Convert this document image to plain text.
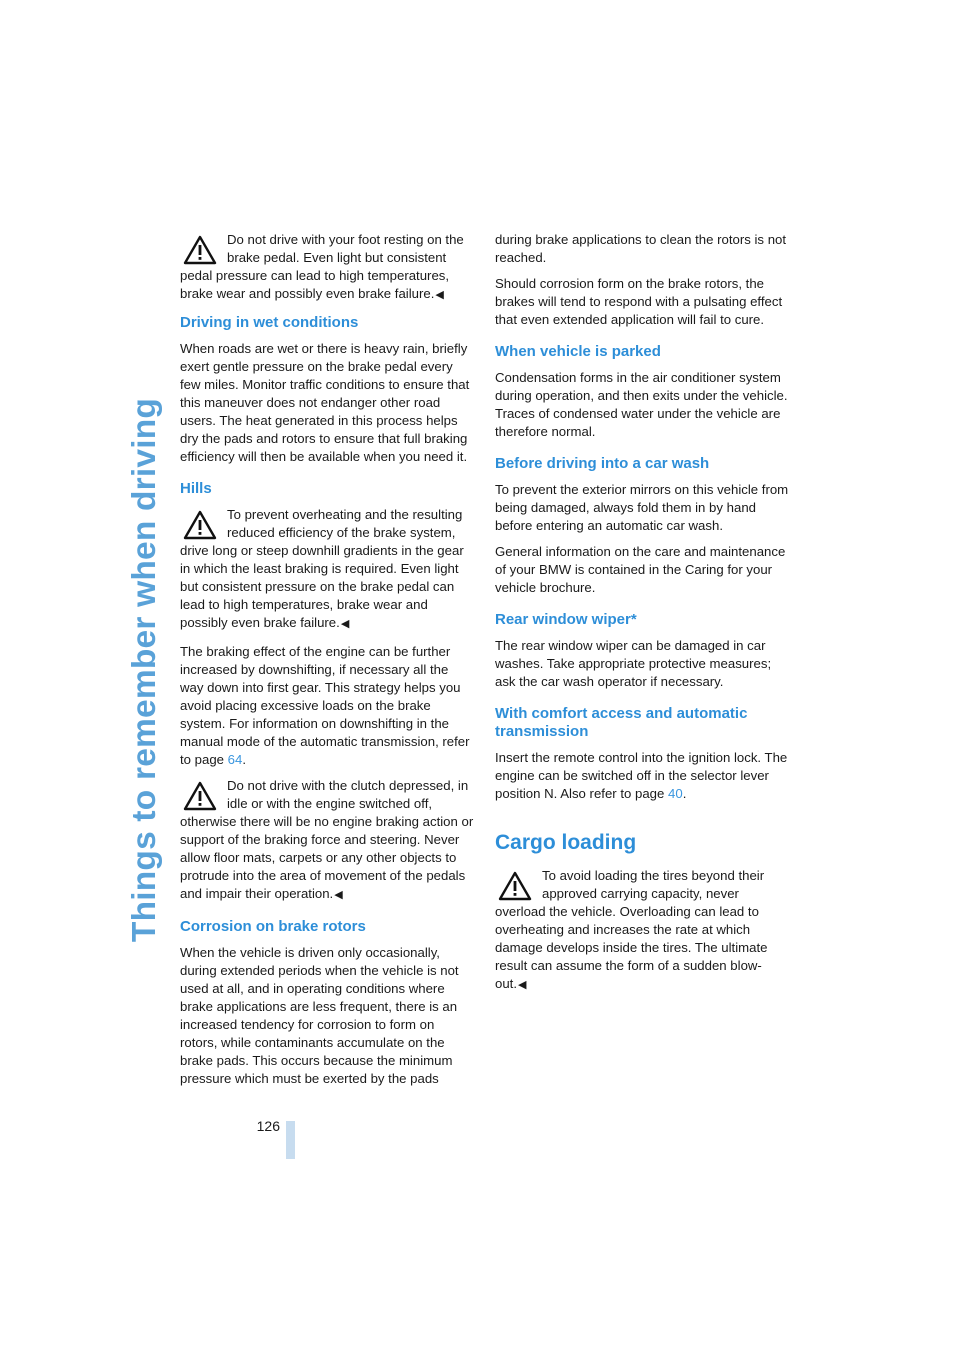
Things to remember when driving

Do not drive with your foot resting on the brake pedal. Even light but consistent pedal pressure can lead to high temperatures, brake wear and possibly even brake failure.◀

Driving in wet conditions

When roads are wet or there is heavy rain, briefly exert gentle pressure on the brake pedal every few miles. Monitor traffic conditions to ensure that this maneuver does not endanger other road users. The heat generated in this process helps dry the pads and rotors to ensure that full braking efficiency will then be available when you need it.

Hills

To prevent overheating and the resulting reduced efficiency of the brake system, drive long or steep downhill gradients in the gear in which the least braking is required. Even light but consistent pressure on the brake pedal can lead to high temperatures, brake wear and possibly even brake failure.◀

The braking effect of the engine can be further increased by downshifting, if necessary all the way down into first gear. This strategy helps you avoid placing excessive loads on the brake system. For information on downshifting in the manual mode of the automatic transmission, refer to page 64.

Do not drive with the clutch depressed, in idle or with the engine switched off, otherwise there will be no engine braking action or support of the braking force and steering. Never allow floor mats, carpets or any other objects to protrude into the area of movement of the pedals and impair their operation.◀

Corrosion on brake rotors

When the vehicle is driven only occasionally, during extended periods when the vehicle is not used at all, and in operating conditions where brake applications are less frequent, there is an increased tendency for corrosion to form on rotors, while contaminants accumulate on the brake pads. This occurs because the minimum pressure which must be exerted by the pads

during brake applications to clean the rotors is not reached.

Should corrosion form on the brake rotors, the brakes will tend to respond with a pulsating effect that even extended application will fail to cure.

When vehicle is parked

Condensation forms in the air conditioner system during operation, and then exits under the vehicle. Traces of condensed water under the vehicle are therefore normal.

Before driving into a car wash

To prevent the exterior mirrors on this vehicle from being damaged, always fold them in by hand before entering an automatic car wash.

General information on the care and maintenance of your BMW is contained in the Caring for your vehicle brochure.

Rear window wiper*

The rear window wiper can be damaged in car washes. Take appropriate protective measures; ask the car wash operator if necessary.

With comfort access and automatic transmission

Insert the remote control into the ignition lock. The engine can be switched off in the selector lever position N. Also refer to page 40.

Cargo loading

To avoid loading the tires beyond their approved carrying capacity, never overload the vehicle. Overloading can lead to overheating and increases the rate at which damage develops inside the tires. The ultimate result can assume the form of a sudden blow-out.◀

126
